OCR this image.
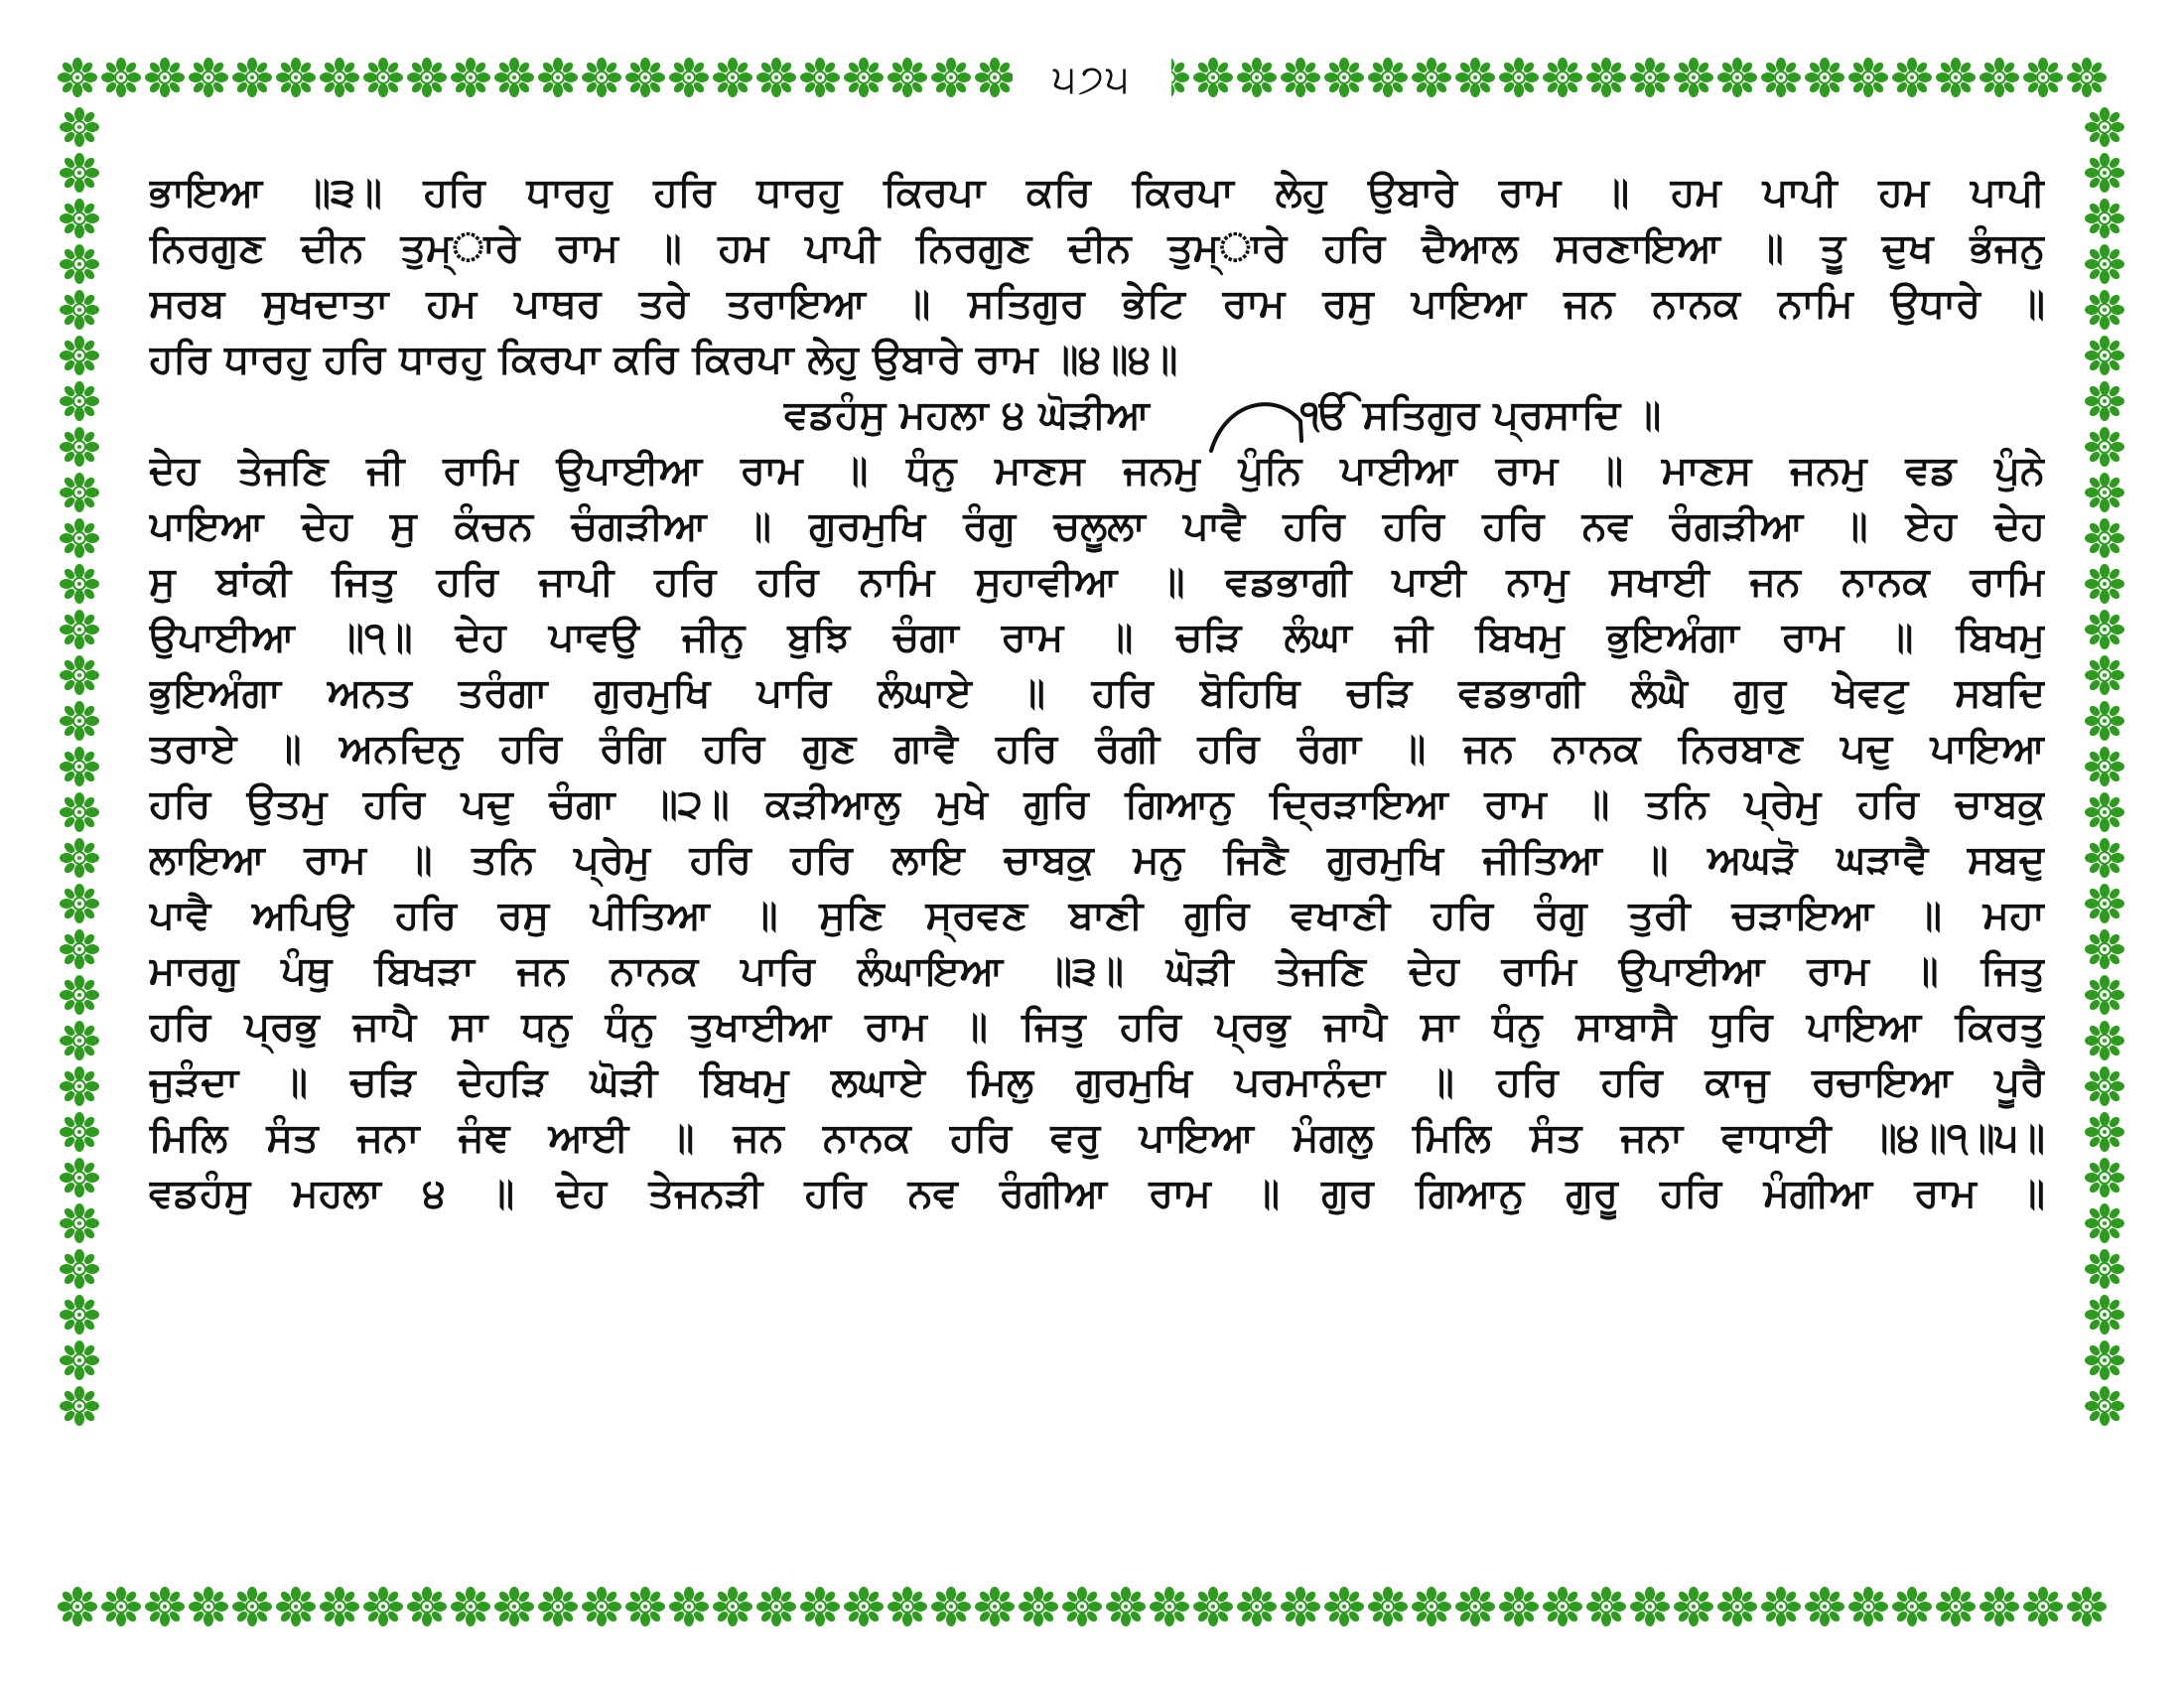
੫੭੫
ਭਾਇਆ ॥੩॥ ਹਰਿ ਧਾਰਹੁ ਹਰਿ ਧਾਰਹੁ ਕਿਰਪਾ ਕਰਿ ਕਿਰਪਾ ਲੇਹੁ ਉਬਾਰੇ ਰਾਮ ॥ ਹਮ ਪਾਪੀ ਹਮ ਪਾਪੀ
ਨਿਰਗੁਣ ਦੀਨ ਤੁਮ੍ਾਰੇ ਰਾਮ ॥ ਹਮ ਪਾਪੀ ਨਿਰਗੁਣ ਦੀਨ ਤੁਮ੍ਾਰੇ ਹਰਿ ਦੈਆਲ ਸਰਣਾਇਆ ॥ ਤੂ ਦੁਖ ਭੰਜਨੁ
ਸਰਬ ਸੁਖਦਾਤਾ ਹਮ ਪਾਥਰ ਤਰੇ ਤਰਾਇਆ ॥ ਸਤਿਗੁਰ ਭੇਟਿ ਰਾਮ ਰਸੁ ਪਾਇਆ ਜਨ ਨਾਨਕ ਨਾਮਿ ਉਧਾਰੇ ॥
ਹਰਿ ਧਾਰਹੁ ਹਰਿ ਧਾਰਹੁ ਕਿਰਪਾ ਕਰਿ ਕਿਰਪਾ ਲੇਹੁ ਉਬਾਰੇ ਰਾਮ ॥੪॥੪॥
ਵਡਹੰਸੁ ਮਹਲਾ ੪ ਘੋੜੀਆ	ੴ ਸਤਿਗੁਰ ਪ੍ਰਸਾਦਿ ॥
ਦੇਹ ਤੇਜਣਿ ਜੀ ਰਾਮਿ ਉਪਾਈਆ ਰਾਮ ॥ ਧੰਨੁ ਮਾਣਸ ਜਨਮੁ ਪੁੰਨਿ ਪਾਈਆ ਰਾਮ ॥ ਮਾਣਸ ਜਨਮੁ ਵਡ ਪੁੰਨੇ
ਪਾਇਆ ਦੇਹ ਸੁ ਕੰਚਨ ਚੰਗੜੀਆ ॥ ਗੁਰਮੁਖਿ ਰੰਗੁ ਚਲੂਲਾ ਪਾਵੈ ਹਰਿ ਹਰਿ ਹਰਿ ਨਵ ਰੰਗੜੀਆ ॥ ਏਹ ਦੇਹ
ਸੁ ਬਾਂਕੀ ਜਿਤੁ ਹਰਿ ਜਾਪੀ ਹਰਿ ਹਰਿ ਨਾਮਿ ਸੁਹਾਵੀਆ ॥ ਵਡਭਾਗੀ ਪਾਈ ਨਾਮੁ ਸਖਾਈ ਜਨ ਨਾਨਕ ਰਾਮਿ
ਉਪਾਈਆ ॥੧॥ ਦੇਹ ਪਾਵਉ ਜੀਨੁ ਬੁਝਿ ਚੰਗਾ ਰਾਮ ॥ ਚੜਿ ਲੰਘਾ ਜੀ ਬਿਖਮੁ ਭੁਇਅੰਗਾ ਰਾਮ ॥ ਬਿਖਮੁ
ਭੁਇਅੰਗਾ ਅਨਤ ਤਰੰਗਾ ਗੁਰਮੁਖਿ ਪਾਰਿ ਲੰਘਾਏ ॥ ਹਰਿ ਬੋਹਿਥਿ ਚੜਿ ਵਡਭਾਗੀ ਲੰਘੈ ਗੁਰੁ ਖੇਵਟੁ ਸਬਦਿ
ਤਰਾਏ ॥ ਅਨਦਿਨੁ ਹਰਿ ਰੰਗਿ ਹਰਿ ਗੁਣ ਗਾਵੈ ਹਰਿ ਰੰਗੀ ਹਰਿ ਰੰਗਾ ॥ ਜਨ ਨਾਨਕ ਨਿਰਬਾਣ ਪਦੁ ਪਾਇਆ
ਹਰਿ ਉਤਮੁ ਹਰਿ ਪਦੁ ਚੰਗਾ ॥੨॥ ਕੜੀਆਲੁ ਮੁਖੇ ਗੁਰਿ ਗਿਆਨੁ ਦ੍ਰਿੜਾਇਆ ਰਾਮ ॥ ਤਨਿ ਪ੍ਰੇਮੁ ਹਰਿ ਚਾਬਕੁ
ਲਾਇਆ ਰਾਮ ॥ ਤਨਿ ਪ੍ਰੇਮੁ ਹਰਿ ਹਰਿ ਲਾਇ ਚਾਬਕੁ ਮਨੁ ਜਿਣੈ ਗੁਰਮੁਖਿ ਜੀਤਿਆ ॥ ਅਘੜੋ ਘੜਾਵੈ ਸਬਦੁ
ਪਾਵੈ ਅਪਿਉ ਹਰਿ ਰਸੁ ਪੀਤਿਆ ॥ ਸੁਣਿ ਸ੍ਰਵਣ ਬਾਣੀ ਗੁਰਿ ਵਖਾਣੀ ਹਰਿ ਰੰਗੁ ਤੁਰੀ ਚੜਾਇਆ ॥ ਮਹਾ
ਮਾਰਗੁ ਪੰਥੁ ਬਿਖੜਾ ਜਨ ਨਾਨਕ ਪਾਰਿ ਲੰਘਾਇਆ ॥੩॥ ਘੋੜੀ ਤੇਜਣਿ ਦੇਹ ਰਾਮਿ ਉਪਾਈਆ ਰਾਮ ॥ ਜਿਤੁ
ਹਰਿ ਪ੍ਰਭੁ ਜਾਪੈ ਸਾ ਧਨੁ ਧੰਨੁ ਤੁਖਾਈਆ ਰਾਮ ॥ ਜਿਤੁ ਹਰਿ ਪ੍ਰਭੁ ਜਾਪੈ ਸਾ ਧੰਨੁ ਸਾਬਾਸੈ ਧੁਰਿ ਪਾਇਆ ਕਿਰਤੁ
ਜੁੜੰਦਾ ॥ ਚੜਿ ਦੇਹੜਿ ਘੋੜੀ ਬਿਖਮੁ ਲਘਾਏ ਮਿਲੁ ਗੁਰਮੁਖਿ ਪਰਮਾਨੰਦਾ ॥ ਹਰਿ ਹਰਿ ਕਾਜੁ ਰਚਾਇਆ ਪੂਰੈ
ਮਿਲਿ ਸੰਤ ਜਨਾ ਜੰਞ ਆਈ ॥ ਜਨ ਨਾਨਕ ਹਰਿ ਵਰੁ ਪਾਇਆ ਮੰਗਲੁ ਮਿਲਿ ਸੰਤ ਜਨਾ ਵਾਧਾਈ ॥੪॥੧॥੫॥
ਵਡਹੰਸੁ ਮਹਲਾ ੪ ॥ ਦੇਹ ਤੇਜਨੜੀ ਹਰਿ ਨਵ ਰੰਗੀਆ ਰਾਮ ॥ ਗੁਰ ਗਿਆਨੁ ਗੁਰੂ ਹਰਿ ਮੰਗੀਆ ਰਾਮ ॥
